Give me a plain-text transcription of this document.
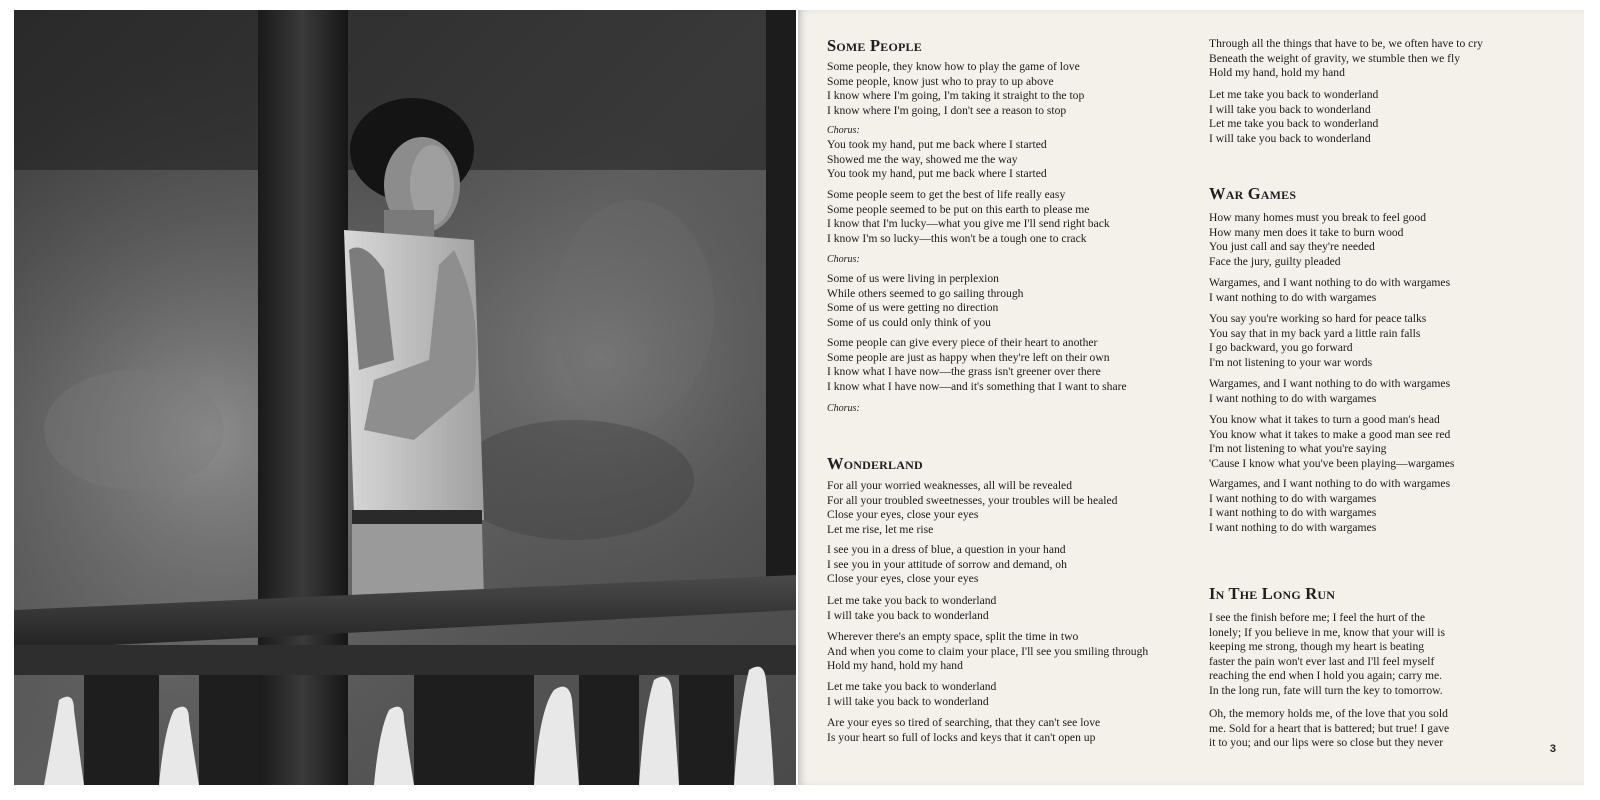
Some People
Some people, they know how to play the game of love
Some people, know just who to pray to up above
I know where I'm going, I'm taking it straight to the top
I know where I'm going, I don't see a reason to stop
Chorus:
You took my hand, put me back where I started
Showed me the way, showed me the way
You took my hand, put me back where I started
Some people seem to get the best of life really easy
Some people seemed to be put on this earth to please me
I know that I'm lucky—what you give me I'll send right back
I know I'm so lucky—this won't be a tough one to crack
Chorus:
Some of us were living in perplexion
While others seemed to go sailing through
Some of us were getting no direction
Some of us could only think of you
Some people can give every piece of their heart to another
Some people are just as happy when they're left on their own
I know what I have now—the grass isn't greener over there
I know what I have now—and it's something that I want to share
Chorus:
Wonderland
For all your worried weaknesses, all will be revealed
For all your troubled sweetnesses, your troubles will be healed
Close your eyes, close your eyes
Let me rise, let me rise
I see you in a dress of blue, a question in your hand
I see you in your attitude of sorrow and demand, oh
Close your eyes, close your eyes
Let me take you back to wonderland
I will take you back to wonderland
Wherever there's an empty space, split the time in two
And when you come to claim your place, I'll see you smiling through
Hold my hand, hold my hand
Let me take you back to wonderland
I will take you back to wonderland
Are your eyes so tired of searching, that they can't see love
Is your heart so full of locks and keys that it can't open up
Through all the things that have to be, we often have to cry
Beneath the weight of gravity, we stumble then we fly
Hold my hand, hold my hand
Let me take you back to wonderland
I will take you back to wonderland
Let me take you back to wonderland
I will take you back to wonderland
War Games
How many homes must you break to feel good
How many men does it take to burn wood
You just call and say they're needed
Face the jury, guilty pleaded
Wargames, and I want nothing to do with wargames
I want nothing to do with wargames
You say you're working so hard for peace talks
You say that in my back yard a little rain falls
I go backward, you go forward
I'm not listening to your war words
Wargames, and I want nothing to do with wargames
I want nothing to do with wargames
You know what it takes to turn a good man's head
You know what it takes to make a good man see red
I'm not listening to what you're saying
'Cause I know what you've been playing—wargames
Wargames, and I want nothing to do with wargames
I want nothing to do with wargames
I want nothing to do with wargames
I want nothing to do with wargames
In The Long Run
I see the finish before me; I feel the hurt of the
lonely; If you believe in me, know that your will is
keeping me strong, though my heart is beating
faster the pain won't ever last and I'll feel myself
reaching the end when I hold you again; carry me.
In the long run, fate will turn the key to tomorrow.
Oh, the memory holds me, of the love that you sold
me. Sold for a heart that is battered; but true! I gave
it to you; and our lips were so close but they never	3
